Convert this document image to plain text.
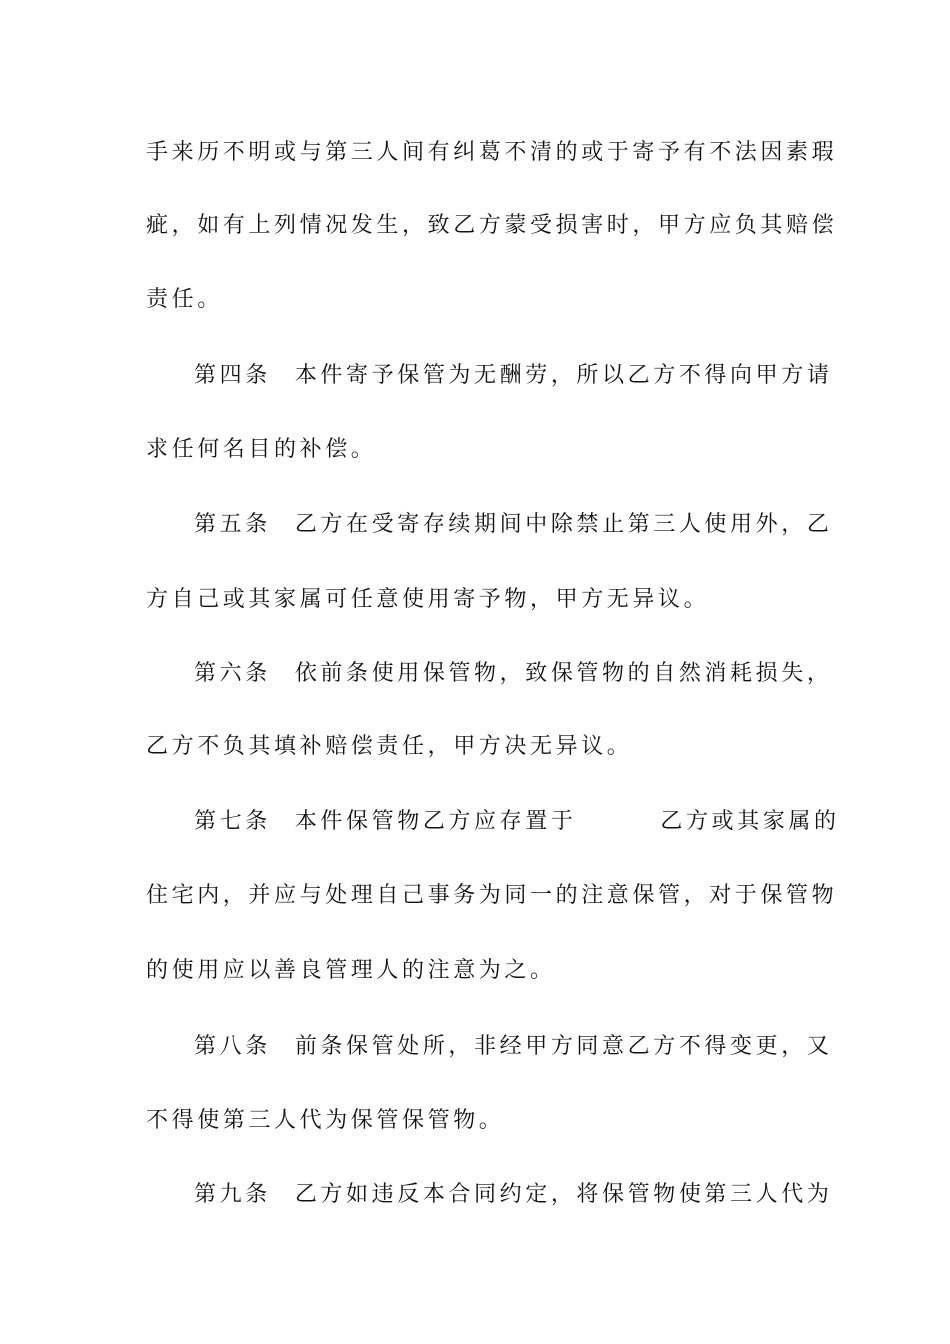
手来历不明或与第三人间有纠葛不清的或于寄予有不法因素瑕
疵，如有上列情况发生，致乙方蒙受损害时，甲方应负其赔偿
责任。
第四条 本件寄予保管为无酬劳，所以乙方不得向甲方请
求任何名目的补偿。
第五条 乙方在受寄存续期间中除禁止第三人使用外，乙
方自己或其家属可任意使用寄予物，甲方无异议。
第六条 依前条使用保管物，致保管物的自然消耗损失，
乙方不负其填补赔偿责任，甲方决无异议。
第七条 本件保管物乙方应存置于	乙方或其家属的
住宅内，并应与处理自己事务为同一的注意保管，对于保管物
的使用应以善良管理人的注意为之。
第八条 前条保管处所，非经甲方同意乙方不得变更，又
不得使第三人代为保管保管物。
第九条 乙方如违反本合同约定，将保管物使第三人代为
